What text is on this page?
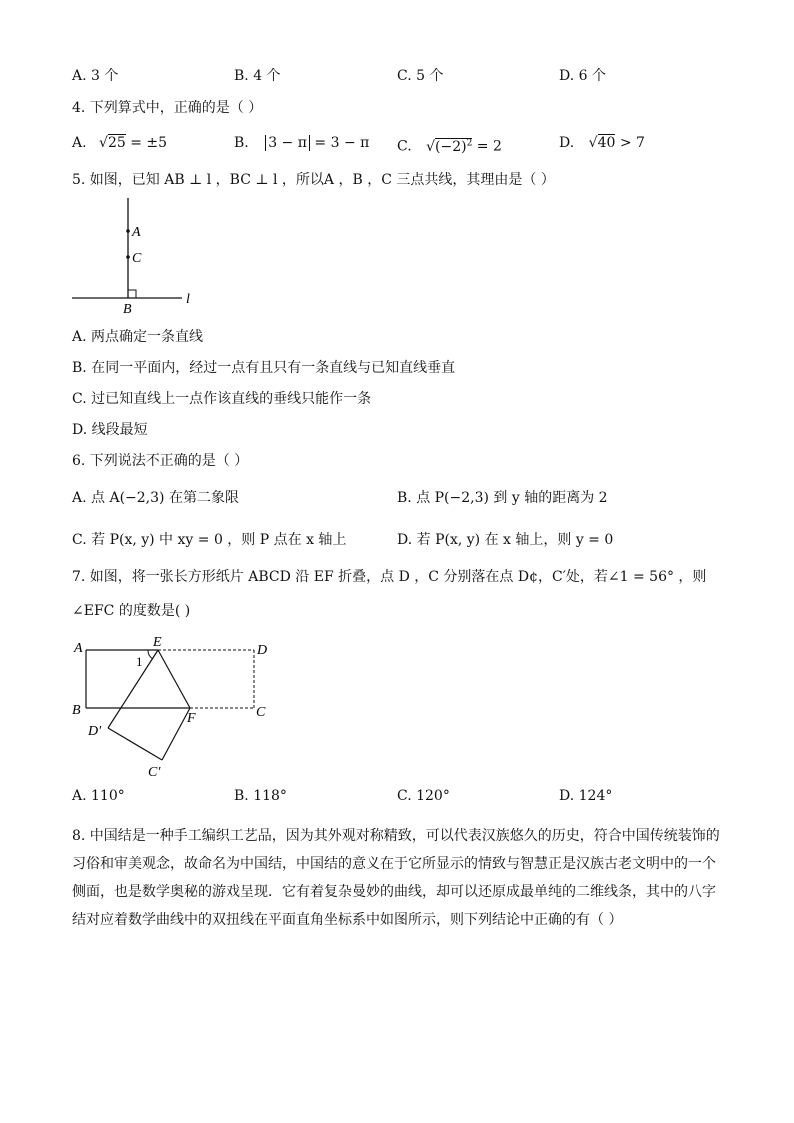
A. 3 个	B. 4 个	C. 5 个	D. 6 个
4. 下列算式中，正确的是（ ）
A. √25 = ±5	B. 3 − π = 3 − π C. $√(-2)^2 = 2$	D. √40 > 7
5. 如图，已知 AB ⊥ l ，BC ⊥ l ，所以A ，B ，C 三点共线，其理由是（ ）
A
C
B
l
A. 两点确定一条直线
B. 在同一平面内，经过一点有且只有一条直线与已知直线垂直
C. 过已知直线上一点作该直线的垂线只能作一条
D. 线段最短
6. 下列说法不正确的是（ ）
A. 点 A(−2,3) 在第二象限	B. 点 P(−2,3) 到 y 轴的距离为 2
C. 若 P(x, y) 中 xy = 0 ，则 P 点在 x 轴上	D. 若 P(x, y) 在 x 轴上，则 y = 0
7. 如图，将一张长方形纸片 ABCD 沿 EF 折叠，点 D ，C 分别落在点 D¢，C′处，若∠1 = 56° ，则
∠EFC 的度数是( )
A	E
D
1
B
F	C
D′
C′
A. 110°	B. 118°	C. 120°	D. 124°
8. 中国结是一种手工编织工艺品，因为其外观对称精致，可以代表汉族悠久的历史，符合中国传统装饰的习俗和审美观念，故命名为中国结，中国结的意义在于它所显示的情致与智慧正是汉族古老文明中的一个侧面，也是数学奥秘的游戏呈现．它有着复杂曼妙的曲线，却可以还原成最单纯的二维线条，其中的八字结对应着数学曲线中的双扭线在平面直角坐标系中如图所示，则下列结论中正确的有（ ）
